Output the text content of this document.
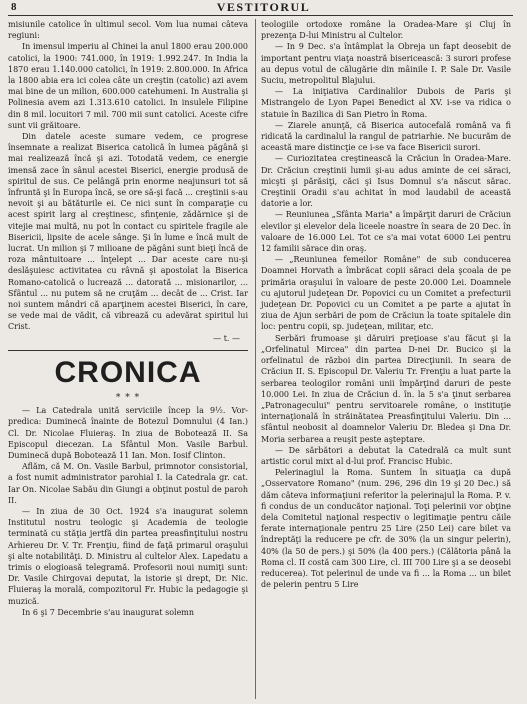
8	VESTITORUL

misiunile catolice în ultimul secol. Vom lua numai câteva regiuni:

In imensul imperiu al Chinei la anul 1800 erau 200.000 catolici, la 1900: 741.000, în 1919: 1.992.247. In India la 1870 erau 1.140.000 catolici, în 1919: 2.800.000. In Africa la 1800 abia era ici colea câte un creştin (catolic) azi avem mai bine de un milion, 600.000 catehumeni. In Australia şi Polinesia avem azi 1.313.610 catolici. In insulele Filipine din 8 mil. locuitori 7 mil. 700 mii sunt catolici. Aceste cifre sunt vii grăitoare.

Din datele aceste sumare vedem, ce progrese însemnate a realizat Biserica catolică în lumea păgână şi mai realizează încă şi azi. Totodată vedem, ce energie imensă zace în sânul acestei Biserici, energie produsă de spiritul de sus. Ce pelângă prin enorme neajunsuri tot să înfruntă şi în Europa încă, se ore să-şi facă ... creştinii s-au nevoit şi au bătăturile ei. Ce nici sunt în comparaţie cu acest spirit larg al creştinesc, sfinţenie, zădărnice şi de vitejie mai multă, nu pot în contact cu spiritele fragile ale Bisericii, lipsite de acele sânge. Şi în lume e încă mult de lucrat. Un milion şi 7 milioane de păgâni sunt bieţi încă de roza mântuitoare ... înţelept ... Dar aceste care nu-şi deslăşuiesc activitatea cu râvnă şi apostolat la Biserica Romano-catolică o lucrează ... datorată ... misionarilor, ... Sfântul ... nu putem să ne cruţăm ... decât de ... Crist. Iar noi suntem mândri că aparţinem acestei Biserici, în care, se vede mai de vădit, că vibrează cu adevărat spiritul lui Crist.

— t. —

CRONICA
* * *

— La Catedrala unită serviciile încep la 9½. Vor-predica: Duminecă înainte de Botezul Domnului (4 Ian.) Cl. Dr. Nicolae Fluieraş. In ziua de Bobotează II. Sa Episcopul diecezan. La Sfântul Mon. Vasile Barbul. Duminecă după Bobotează 11 Ian. Mon. Iosif Clinton.

Aflăm, că M. On. Vasile Barbul, primnotor consistorial, a fost numit administrator parohial I. la Catedrala gr. cat. Iar On. Nicolae Sabău din Giungi a obţinut postul de paroh II.

— In ziua de 30 Oct. 1924 s'a inaugurat solemn Institutul nostru teologic şi Academia de teologie terminată cu stăţia jertfă din partea preasfinţitului nostru Arhiereu Dr. V. Tr. Frenţiu, fiind de faţă primarul oraşului şi alte notabilităţi. D. Ministru al cultelor Alex. Lapedatu a trimis o elogioasă telegramă. Profesorii noui numiţi sunt: Dr. Vasile Chirgovai deputat, la istorie şi drept, Dr. Nic. Fluieraş la morală, compozitorul Fr. Hubic la pedagogie şi muzică.

In 6 şi 7 Decembrie s'au inaugurat solemn

teologiile ortodoxe române la Oradea-Mare şi Cluj în prezenţa D-lui Ministru al Cultelor.

— In 9 Dec. s'a întâmplat la Obreja un fapt deosebit de important pentru viaţa noastră bisericească: 3 surori profese au depus votul de călugărie din mâinile I. P. Sale Dr. Vasile Suciu, metropolitul Blajului.

— La iniţiativa Cardinalilor Dubois de Paris şi Mistrangelo de Lyon Papei Benedict al XV. i-se va ridica o statuie în Bazilica di San Pietro în Roma.

— Ziarele anunţă, că Biserica autocefală română va fi ridicată la cardinalul la rangul de patriarhie. Ne bucurăm de această mare distincţie ce i-se va face Bisericii surori.

— Curiozitatea creştinească la Crăciun în Oradea-Mare. Dr. Crăciun creştinii lumii şi-au adus aminte de cei săraci, micşti şi părăsiţi, căci şi Isus Domnul s'a născut sărac. Creştinii Oradii s'au achitat în mod laudabil de această datorie a lor.

— Reuniunea „Sfânta Maria" a împărţit daruri de Crăciun elevilor şi elevelor dela liceele noastre în seara de 20 Dec. în valoare de 16.000 Lei. Tot ce s'a mai votat 6000 Lei pentru 12 familii sărace din oraş.

— „Reuniunea femeilor Române" de sub conducerea Doamnei Horvath a îmbrăcat copii săraci dela şcoala de pe primăria oraşului în valoare de peste 20.000 Lei. Doamnele cu ajutorul judeţean Dr. Popovici cu un Comitet a prefecturii judeţean Dr. Popovici cu un Comitet a pe parte a ajutat în ziua de Ajun serbări de pom de Crăciun la toate spitalele din loc: pentru copii, sp. judeţean, militar, etc.

Serbări frumoase şi dăruiri preţioase s'au făcut şi la „Orfelinatul Mircea" din partea D-nei Dr. Bucico şi la orfelinatul de război din partea Direcţiunii. In seara de Crăciun II. S. Episcopul Dr. Valeriu Tr. Frenţiu a luat parte la serbarea teologilor români unii împărţind daruri de peste 10.000 Lei. In ziua de Crăciun d. în. la 5 s'a ţinut serbarea „Patronagecului" pentru servitoarele române, o instituţie internaţională în străinătatea Preasfinţitului Valeriu. Din ... sfântul neobosit al doamnelor Valeriu Dr. Bledea şi Dna Dr. Moria serbarea a reuşit peste aşteptare.

— De sărbători a debutat la Catedrală ca mult sunt artistic corul mixt al d-lui prof. Francisc Hubic.

Pelerinagiul la Roma. Suntem în situaţia ca după „Osservatore Romano" (num. 296, 296 din 19 şi 20 Dec.) să dăm câteva informaţiuni referitor la pelerinajul la Roma. P. v. fi condus de un conducător naţional. Toţi pelerinii vor obţine dela Comitetul naţional respectiv o legitimaţie pentru căile ferate internaţionale pentru 25 Lire (250 Lei) care bilet va îndreptăţi la reducere pe cfr. de 30% (la un singur pelerin), 40% (la 50 de pers.) şi 50% (la 400 pers.) (Călătoria până la Roma cl. II costă cam 300 Lire, cl. III 700 Lire şi a se deosebi reducerea). Tot pelerinul de unde va fi ... la Roma ... un bilet de pelerin pentru 5 Lire
